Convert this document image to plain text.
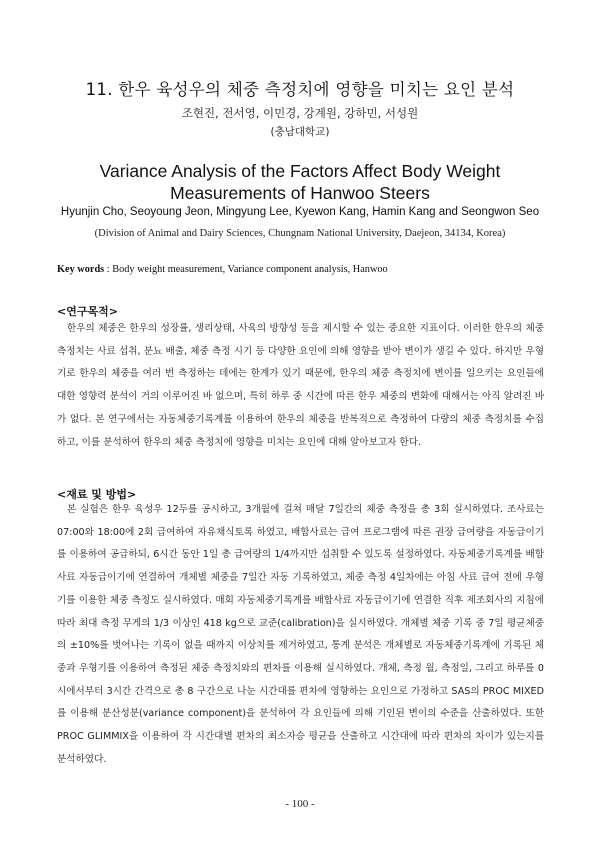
11. 한우 육성우의 체중 측정치에 영향을 미치는 요인 분석
조현진, 전서영, 이민경, 강계원, 강하민, 서성원
(충남대학교)
Variance Analysis of the Factors Affect Body Weight Measurements of Hanwoo Steers
Hyunjin Cho, Seoyoung Jeon, Mingyung Lee, Kyewon Kang, Hamin Kang and Seongwon Seo
(Division of Animal and Dairy Sciences, Chungnam National University, Daejeon, 34134, Korea)
Key words : Body weight measurement, Variance component analysis, Hanwoo
<연구목적>

한우의 체중은 한우의 성장률, 생리상태, 사육의 방향성 등을 제시할 수 있는 중요한 지표이다. 이러한 한우의 체중 측정치는 사료 섭취, 분뇨 배출, 체중 측정 시기 등 다양한 요인에 의해 영향을 받아 변이가 생길 수 있다. 하지만 우형기로 한우의 체중을 여러 번 측정하는 데에는 한계가 있기 때문에, 한우의 체중 측정치에 변이를 일으키는 요인들에 대한 영향력 분석이 거의 이루어진 바 없으며, 특히 하루 중 시간에 따른 한우 체중의 변화에 대해서는 아직 알려진 바가 없다. 본 연구에서는 자동체중기록계를 이용하여 한우의 체중을 반복적으로 측정하여 다량의 체중 측정치를 수집하고, 이를 분석하여 한우의 체중 측정치에 영향을 미치는 요인에 대해 알아보고자 한다.

<재료 및 방법>

본 실험은 한우 육성우 12두를 공시하고, 3개월에 걸쳐 매달 7일간의 체중 측정을 총 3회 실시하였다. 조사료는 07:00와 18:00에 2회 급여하여 자유채식토록 하였고, 배합사료는 급여 프로그램에 따른 권장 급여량을 자동급이기를 이용하여 공급하되, 6시간 동안 1일 총 급여량의 1/4까지만 섭취할 수 있도록 설정하였다. 자동체중기록계를 배합사료 자동급이기에 연결하여 개체별 체중을 7일간 자동 기록하였고, 체중 측정 4일차에는 아침 사료 급여 전에 우형기를 이용한 체중 측정도 실시하였다. 매회 자동체중기록계를 배합사료 자동급이기에 연결한 직후 제조회사의 지침에 따라 최대 측정 무게의 1/3 이상인 418 kg으로 교준(calibration)을 실시하였다. 개체별 체중 기록 중 7일 평균체중의 ±10%를 벗어나는 기록이 없을 때까지 이상치를 제거하였고, 통계 분석은 개체별로 자동체중기록계에 기록된 체중과 우형기를 이용하여 측정된 체중 측정치와의 편차를 이용해 실시하였다. 개체, 측정 월, 측정일, 그리고 하루를 0시에서부터 3시간 간격으로 총 8 구간으로 나눈 시간대를 편차에 영향하는 요인으로 가정하고 SAS의 PROC MIXED를 이용해 분산성분(variance component)을 분석하여 각 요인들에 의해 기인된 변이의 수준을 산출하였다. 또한 PROC GLIMMIX을 이용하여 각 시간대별 편차의 최소자승 평균을 산출하고 시간대에 따라 편차의 차이가 있는지를 분석하였다.

- 100 -
